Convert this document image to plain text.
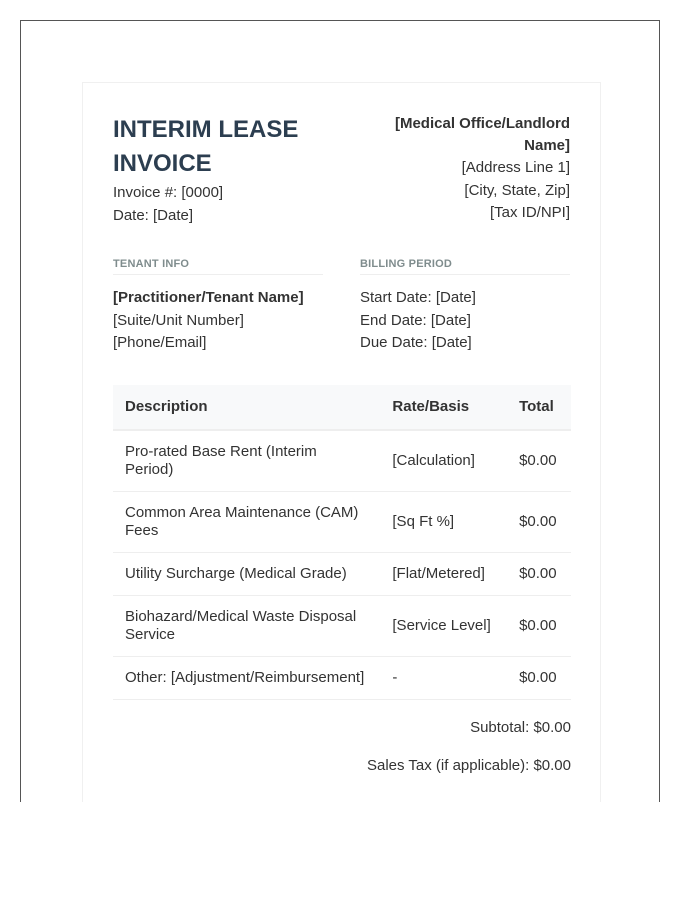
INTERIM LEASE INVOICE
Invoice #: [0000]
Date: [Date]
[Medical Office/Landlord Name]
[Address Line 1]
[City, State, Zip]
[Tax ID/NPI]
TENANT INFO
[Practitioner/Tenant Name]
[Suite/Unit Number]
[Phone/Email]
BILLING PERIOD
Start Date: [Date]
End Date: [Date]
Due Date: [Date]
Description	Rate/Basis	Total
Pro-rated Base Rent (Interim Period)	[Calculation]	$0.00
Common Area Maintenance (CAM) Fees	[Sq Ft %]	$0.00
Utility Surcharge (Medical Grade)	[Flat/Metered]	$0.00
Biohazard/Medical Waste Disposal Service	[Service Level]	$0.00
Other: [Adjustment/Reimbursement]	-	$0.00
Subtotal: $0.00
Sales Tax (if applicable): $0.00
